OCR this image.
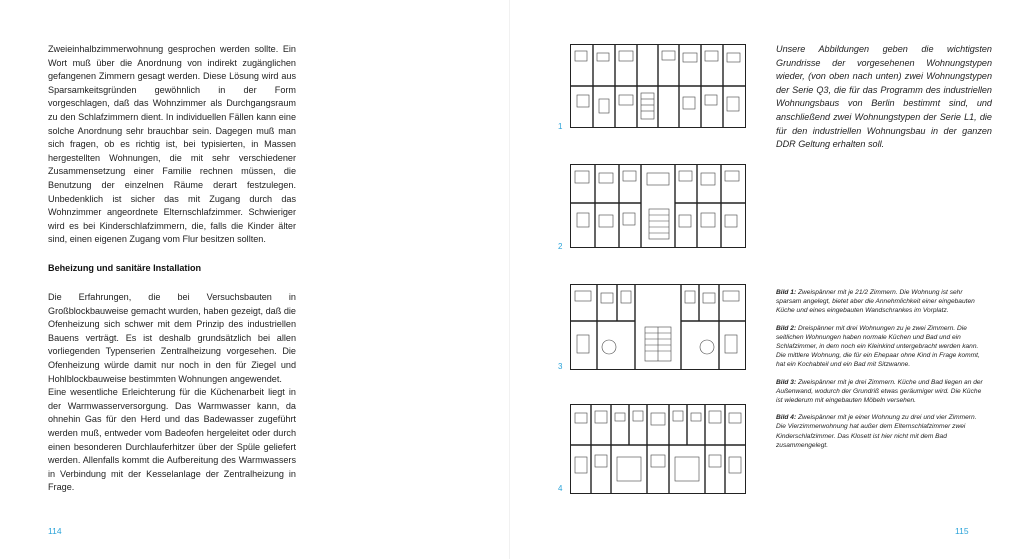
Zweieinhalbzimmerwohnung gesprochen werden sollte. Ein Wort muß über die Anordnung von indirekt zugänglichen gefangenen Zimmern gesagt werden. Diese Lösung wird aus Sparsamkeitsgründen gewöhnlich in der Form vorgeschlagen, daß das Wohnzimmer als Durchgangsraum zu den Schlafzimmern dient. In individuellen Fällen kann eine solche Anordnung sehr brauchbar sein. Dagegen muß man sich fragen, ob es richtig ist, bei typisierten, in Massen hergestellten Wohnungen, die mit sehr verschiedener Zusammensetzung einer Familie rechnen müssen, die Benutzung der einzelnen Räume derart festzulegen. Unbedenklich ist sicher das mit Zugang durch das Wohnzimmer angeordnete Elternschlafzimmer. Schwieriger wird es bei Kinderschlafzimmern, die, falls die Kinder älter sind, einen eigenen Zugang vom Flur besitzen sollten.

Beheizung und sanitäre Installation

Die Erfahrungen, die bei Versuchsbauten in Großblockbauweise gemacht wurden, haben gezeigt, daß die Ofenheizung sich schwer mit dem Prinzip des industriellen Bauens verträgt. Es ist deshalb grundsätzlich bei allen vorliegenden Typenserien Zentralheizung vorgesehen. Die Ofenheizung würde damit nur noch in den für Ziegel und Hohlblockbauweise bestimmten Wohnungen angewendet.

Eine wesentliche Erleichterung für die Küchenarbeit liegt in der Warmwasserversorgung. Das Warmwasser kann, da ohnehin Gas für den Herd und das Badewasser zugeführt werden muß, entweder vom Badeofen hergeleitet oder durch einen besonderen Durchlauferhitzer über der Spüle geliefert werden. Allenfalls kommt die Aufbereitung des Warmwassers in Verbindung mit der Kesselanlage der Zentralheizung in Frage.

114
1
2
3
4
Unsere Abbildungen geben die wichtigsten Grundrisse der vorgesehenen Wohnungstypen wieder, (von oben nach unten) zwei Wohnungstypen der Serie Q3, die für das Programm des industriellen Wohnungsbaus von Berlin bestimmt sind, und anschließend zwei Wohnungstypen der Serie L1, die für den industriellen Wohnungsbau in der ganzen DDR Geltung erhalten soll.

Bild 1: Zweispänner mit je 21/2 Zimmern. Die Wohnung ist sehr sparsam angelegt, bietet aber die Annehmlichkeit einer eingebauten Küche und eines eingebauten Wandschrankes im Vorplatz.

Bild 2: Dreispänner mit drei Wohnungen zu je zwei Zimmern. Die seitlichen Wohnungen haben normale Küchen und Bad und ein Schlafzimmer, in dem noch ein Kleinkind untergebracht werden kann. Die mittlere Wohnung, die für ein Ehepaar ohne Kind in Frage kommt, hat ein Kochabteil und ein Bad mit Sitzwanne.

Bild 3: Zweispänner mit je drei Zimmern. Küche und Bad liegen an der Außenwand, wodurch der Grundriß etwas geräumiger wird. Die Küche ist wiederum mit eingebauten Möbeln versehen.

Bild 4: Zweispänner mit je einer Wohnung zu drei und vier Zimmern. Die Vierzimmerwohnung hat außer dem Elternschlafzimmer zwei Kinderschlafzimmer. Das Klosett ist hier nicht mit dem Bad zusammengelegt.

115
